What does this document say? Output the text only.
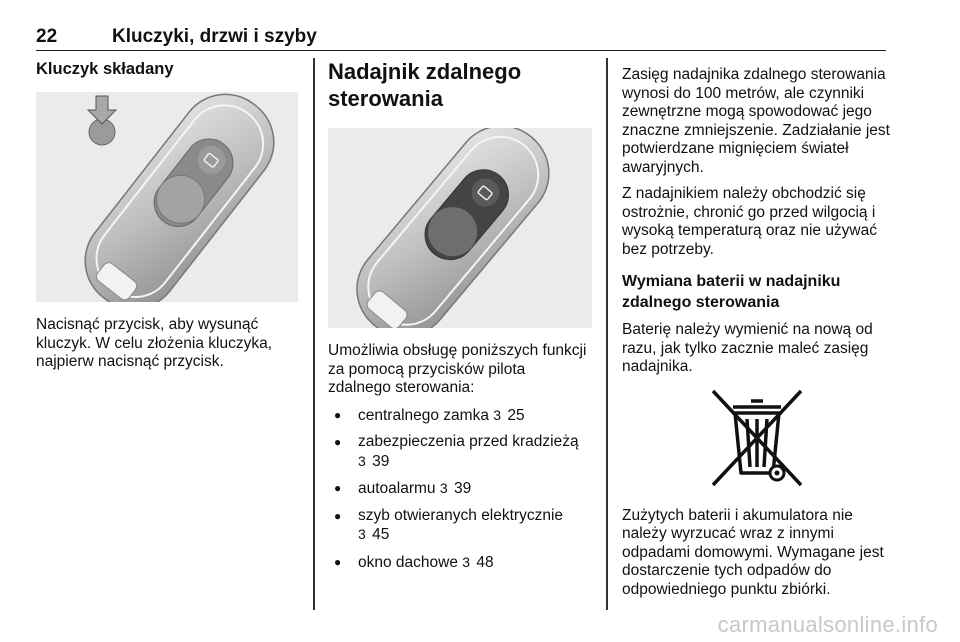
22	Kluczyki, drzwi i szyby
Kluczyk składany

Nacisnąć przycisk, aby wysunąć kluczyk. W celu złożenia kluczyka, najpierw nacisnąć przycisk.

Nadajnik zdalnego sterowania

Umożliwia obsługę poniższych funkcji za pomocą przycisków pilota zdalnego sterowania:

● centralnego zamka 3 25
● zabezpieczenia przed kradzieżą
3 39
● autoalarmu 3 39
● szyb otwieranych elektrycznie
3 45
● okno dachowe 3 48

Zasięg nadajnika zdalnego sterowania wynosi do 100 metrów, ale czynniki zewnętrzne mogą spowodować jego znaczne zmniejszenie. Zadziałanie jest potwierdzane mignięciem świateł awaryjnych.

Z nadajnikiem należy obchodzić się ostrożnie, chronić go przed wilgocią i wysoką temperaturą oraz nie używać bez potrzeby.

Wymiana baterii w nadajniku zdalnego sterowania

Baterię należy wymienić na nową od razu, jak tylko zacznie maleć zasięg nadajnika.

Zużytych baterii i akumulatora nie należy wyrzucać wraz z innymi odpadami domowymi. Wymagane jest dostarczenie tych odpadów do odpowiedniego punktu zbiórki.

carmanualsonline.info
